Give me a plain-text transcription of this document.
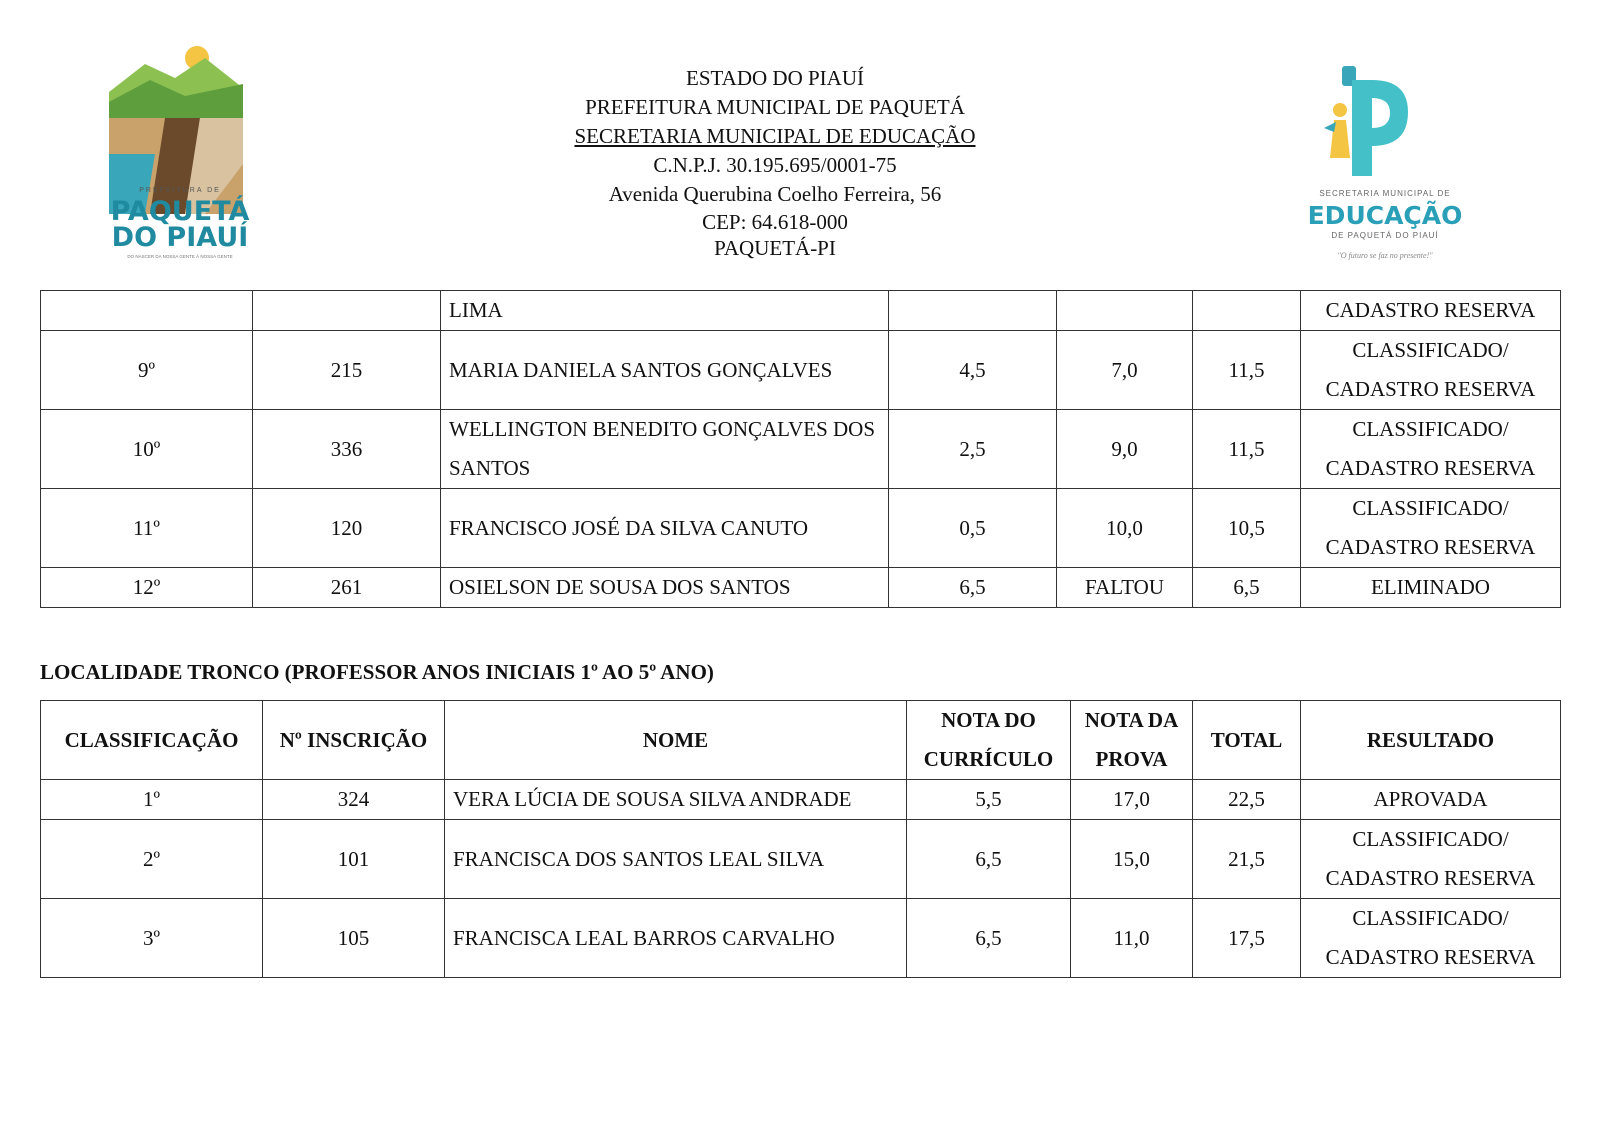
PREFEITURA DE
PAQUETÁ
DO PIAUÍ
DO NASCER DA NOSSA GENTE À NOSSA GENTE
ESTADO DO PIAUÍ
PREFEITURA MUNICIPAL DE PAQUETÁ
SECRETARIA MUNICIPAL DE EDUCAÇÃO
C.N.P.J. 30.195.695/0001-75
Avenida Querubina Coelho Ferreira, 56
CEP: 64.618-000
PAQUETÁ-PI
SECRETARIA MUNICIPAL DE
EDUCAÇÃO
DE PAQUETÁ DO PIAUÍ
"O futuro se faz no presente!"
		LIMA				CADASTRO RESERVA
9º	215	MARIA DANIELA SANTOS GONÇALVES	4,5	7,0	11,5	CLASSIFICADO/ CADASTRO RESERVA
10º	336	WELLINGTON BENEDITO GONÇALVES DOS SANTOS	2,5	9,0	11,5	CLASSIFICADO/ CADASTRO RESERVA
11º	120	FRANCISCO JOSÉ DA SILVA CANUTO	0,5	10,0	10,5	CLASSIFICADO/ CADASTRO RESERVA
12º	261	OSIELSON DE SOUSA DOS SANTOS	6,5	FALTOU	6,5	ELIMINADO
LOCALIDADE TRONCO (PROFESSOR ANOS INICIAIS 1º AO 5º ANO)
CLASSIFICAÇÃO	Nº INSCRIÇÃO	NOME	NOTA DO CURRÍCULO	NOTA DA PROVA	TOTAL	RESULTADO
1º	324	VERA LÚCIA DE SOUSA SILVA ANDRADE	5,5	17,0	22,5	APROVADA
2º	101	FRANCISCA DOS SANTOS LEAL SILVA	6,5	15,0	21,5	CLASSIFICADO/ CADASTRO RESERVA
3º	105	FRANCISCA LEAL BARROS CARVALHO	6,5	11,0	17,5	CLASSIFICADO/ CADASTRO RESERVA
